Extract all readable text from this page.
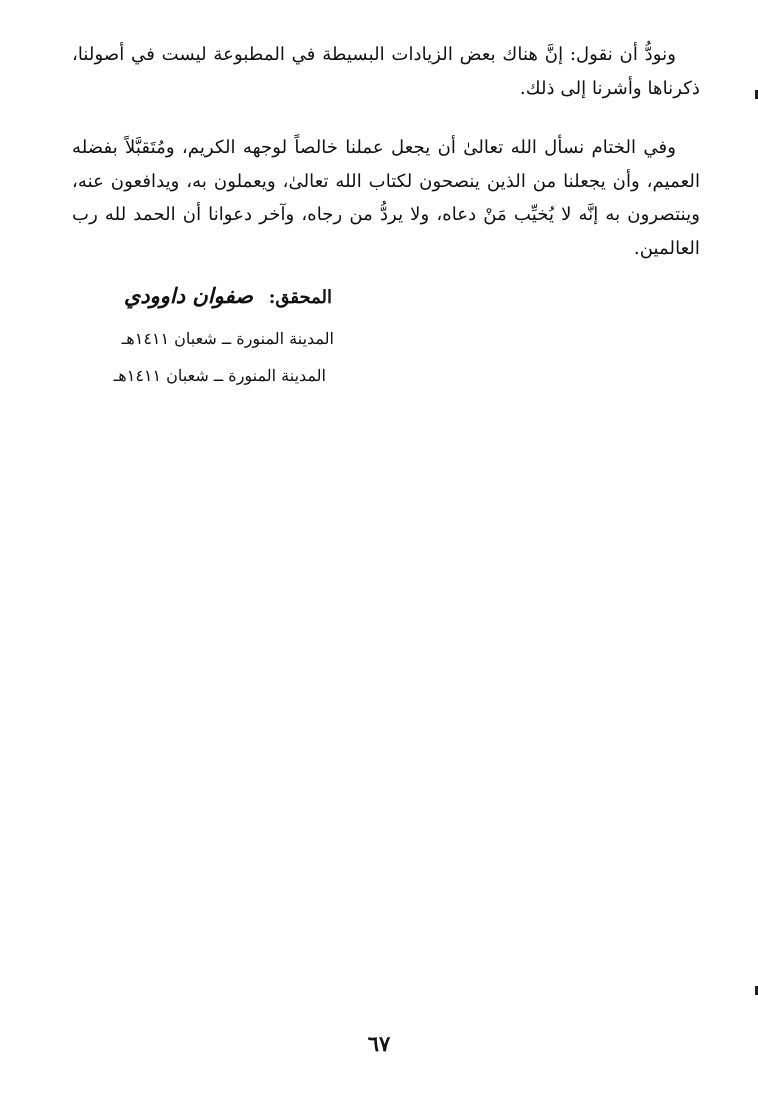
ونودُّ أن نقول: إنَّ هناك بعض الزيادات البسيطة في المطبوعة ليست في أصولنا، ذكرناها وأشرنا إلى ذلك.

وفي الختام نسأل الله تعالىٰ أن يجعل عملنا خالصاً لوجهه الكريم، ومُتَقبَّلاً بفضله العميم، وأن يجعلنا من الذين ينصحون لكتاب الله تعالىٰ، ويعملون به، ويدافعون عنه، وينتصرون به إنَّه لا يُخيِّب مَنْ دعاه، ولا يردُّ من رجاه، وآخر دعوانا أن الحمد لله رب العالمين.

المحقق: صفوان داوودي
المدينة المنورة ــ شعبان ١٤١١هـ
المدينة المنورة ــ شعبان ١٤١١هـ
٦٧
